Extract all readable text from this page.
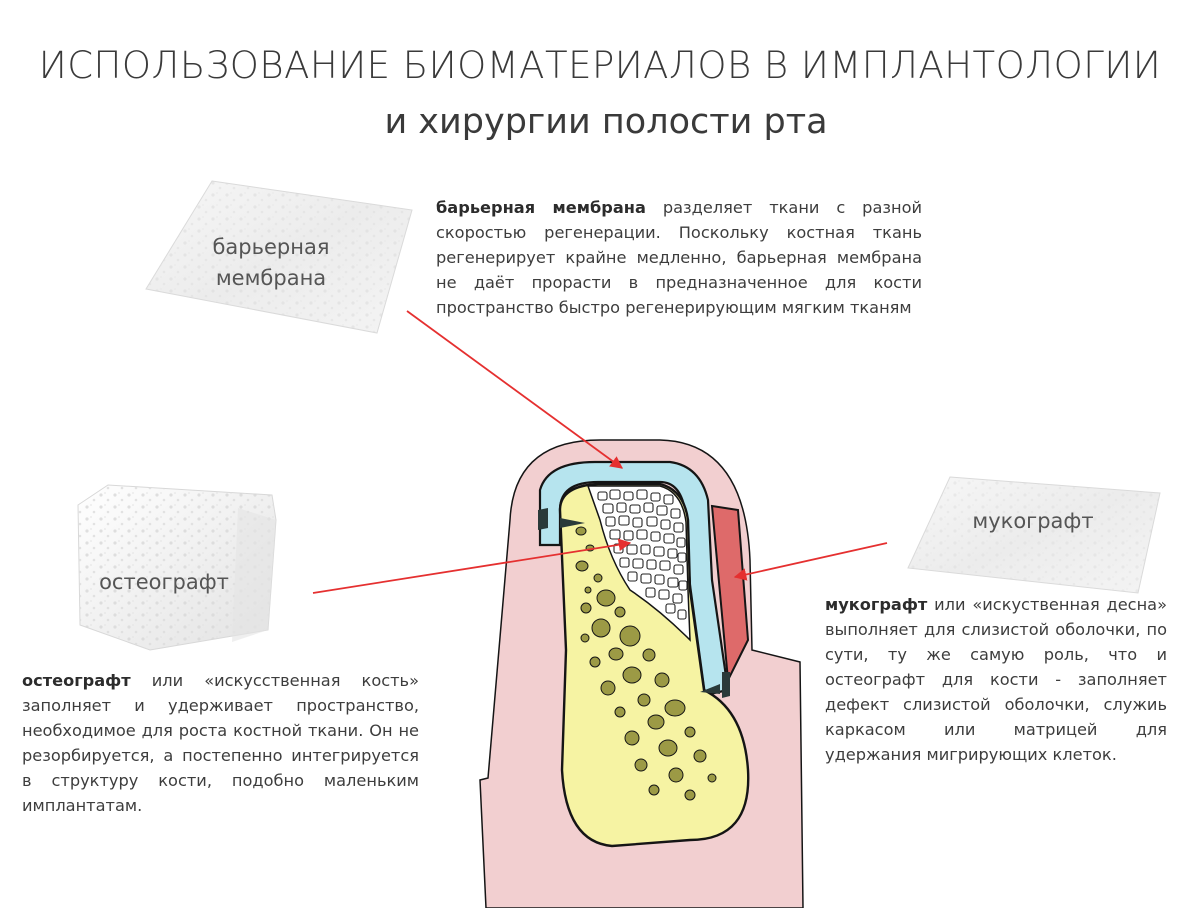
ИСПОЛЬЗОВАНИЕ БИОМАТЕРИАЛОВ В ИМПЛАНТОЛОГИИ
и хирургии полости рта
барьерная
мембрана
остеографт
мукографт
барьерная мембрана разделяет ткани с разной скоростью регенерации. Поскольку костная ткань регенерирует крайне медленно, барьерная мембрана не даёт прорасти в предназначенное для кости пространство быстро регенерирующим мягким тканям
остеографт или «искусственная кость» заполняет и удерживает пространство, необходимое для роста костной ткани. Он не резорбируется, а постепенно интегрируется в структуру кости, подобно маленьким имплантатам.
мукографт или «искуственная десна» выполняет для слизистой оболочки, по сути, ту же самую роль, что и остеографт для кости - заполняет дефект слизистой оболочки, служиь каркасом или матрицей для удержания мигрирующих клеток.
